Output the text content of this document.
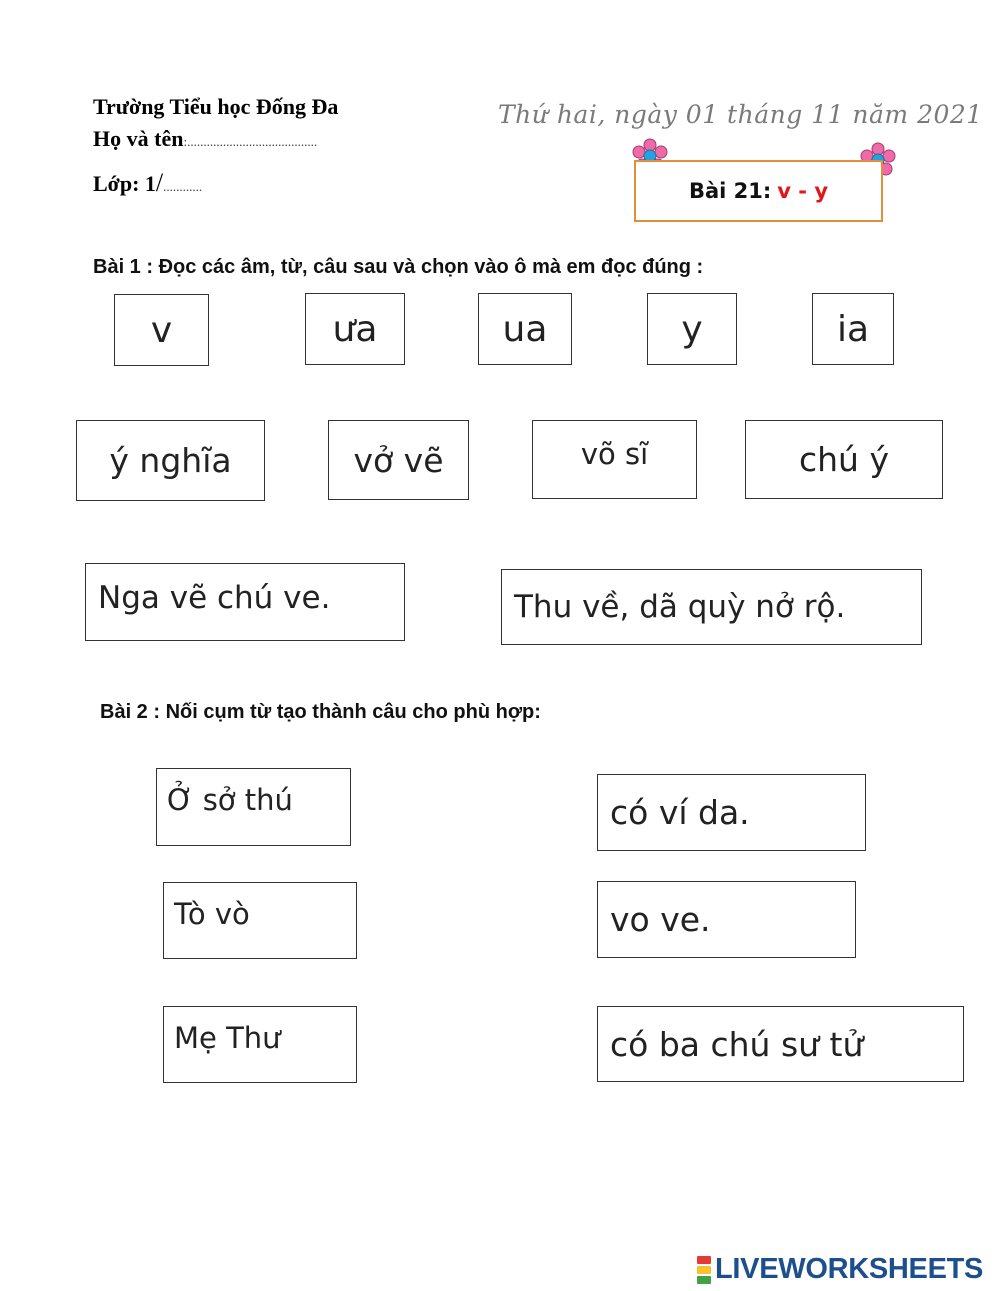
Trường Tiểu học Đống Đa
Họ và tên:........................................
Lớp: 1/............
Thứ hai, ngày 01 tháng 11 năm 2021
Bài 21: v - y
Bài 1 : Đọc các âm, từ, câu sau và chọn vào ô mà em đọc đúng :
v	ưa	ua	y	ia
ý nghĩa	vở vẽ	võ sĩ	chú ý
Nga vẽ chú ve.	Thu về, dã quỳ nở rộ.
Bài 2 : Nối cụm từ tạo thành câu cho phù hợp:
Ở sở thú
Tò vò
Mẹ Thư
có ví da.
vo ve.
có ba chú sư tử
LIVEWORKSHEETS
